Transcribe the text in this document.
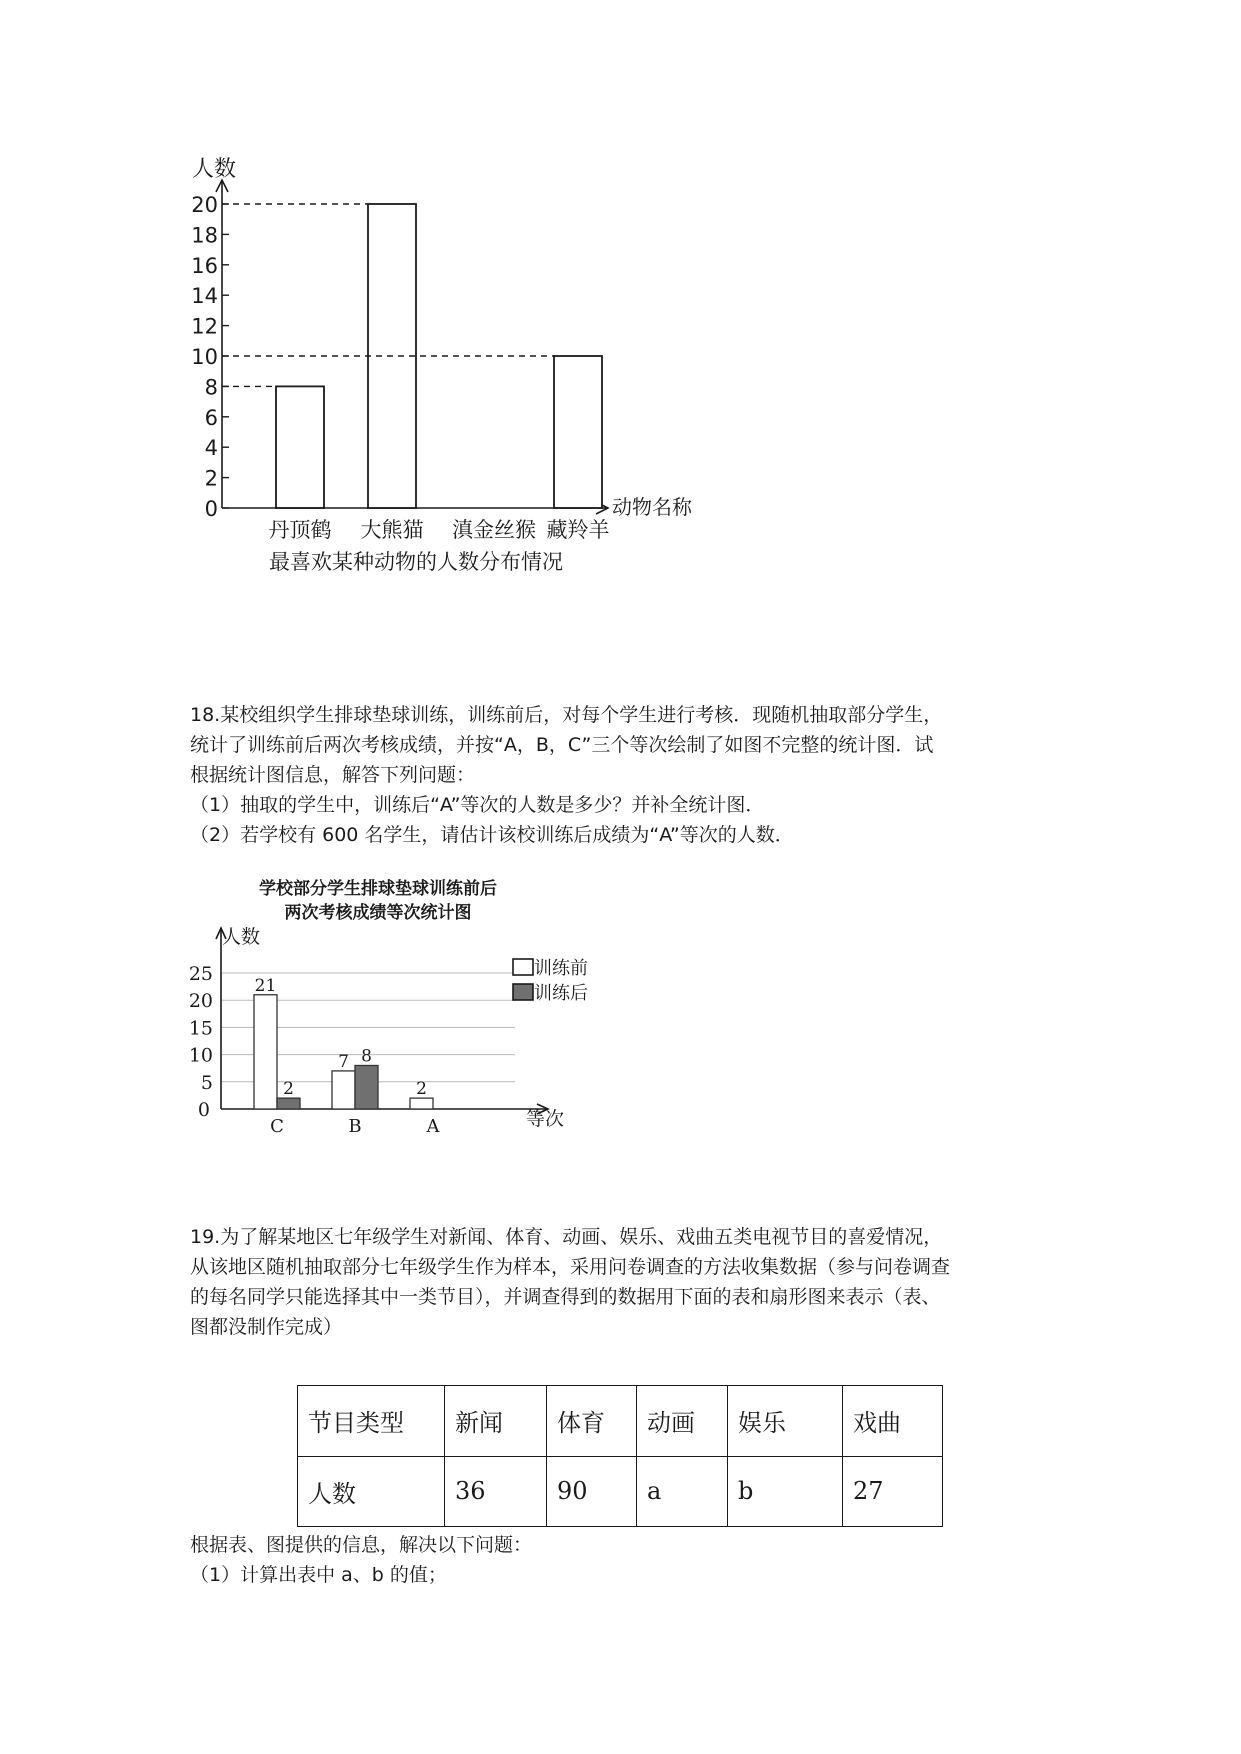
人数
动物名称
0
2
4
6
8
10
12
14
16
18
20
丹顶鹤 大熊猫 滇金丝猴 藏羚羊
最喜欢某种动物的人数分布情况

18.某校组织学生排球垫球训练，训练前后，对每个学生进行考核．现随机抽取部分学生，

统计了训练前后两次考核成绩，并按“A，B，C”三个等次绘制了如图不完整的统计图．试

根据统计图信息，解答下列问题：

（1）抽取的学生中，训练后“A”等次的人数是多少？并补全统计图．

（2）若学校有 600 名学生，请估计该校训练后成绩为“A”等次的人数．

学校部分学生排球垫球训练前后
两次考核成绩等次统计图
0
5
10
15
20
25
人数
等次
C
21
2
B
7 8
A
2
训练前
训练后

19.为了解某地区七年级学生对新闻、体育、动画、娱乐、戏曲五类电视节目的喜爱情况，

从该地区随机抽取部分七年级学生作为样本，采用问卷调查的方法收集数据（参与问卷调查

的每名同学只能选择其中一类节目），并调查得到的数据用下面的表和扇形图来表示（表、

图都没制作完成）

节目类型	新闻	体育	动画	娱乐	戏曲
人数	36	90	a	b	27

根据表、图提供的信息，解决以下问题：

（1）计算出表中 a、b 的值；
